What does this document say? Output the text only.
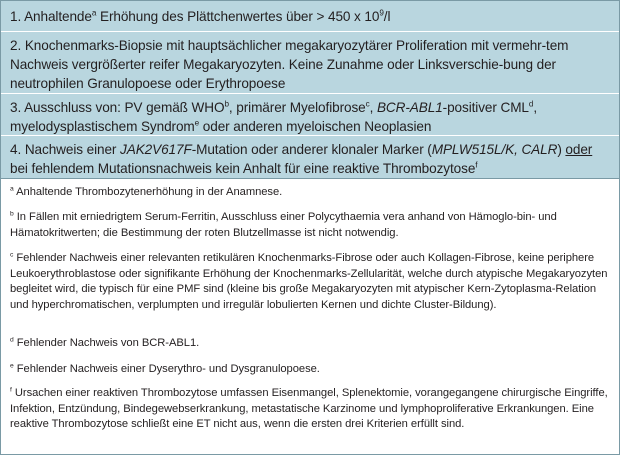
1. Anhaltende$^a$ Erhöhung des Plättchenwertes über > 450 x $10^9/l$
2. Knochenmarks-Biopsie mit hauptsächlicher megakaryozytärer Proliferation mit vermehr-tem Nachweis vergrößerter reifer Megakaryozyten. Keine Zunahme oder Linksverschie-bung der neutrophilen Granulopoese oder Erythropoese
3. Ausschluss von: PV gemäß WHO$^b$, primärer Myelofibrose$^c$, BCR-ABL1-positiver CML$^d$, myelodysplastischem Syndrom$^e$ oder anderen myeloischen Neoplasien
4. Nachweis einer JAK2V617F-Mutation oder anderer klonaler Marker (MPLW515L/K, CALR) oder bei fehlendem Mutationsnachweis kein Anhalt für eine reaktive Thrombozytose$^f$
$^a$ Anhaltende Thrombozytenerhöhung in der Anamnese.
$^b$ In Fällen mit erniedrigtem Serum-Ferritin, Ausschluss einer Polycythaemia vera anhand von Hämoglo-bin- und Hämatokritwerten; die Bestimmung der roten Blutzellmasse ist nicht notwendig.
$^c$ Fehlender Nachweis einer relevanten retikulären Knochenmarks-Fibrose oder auch Kollagen-Fibrose, keine periphere Leukoerythroblastose oder signifikante Erhöhung der Knochenmarks-Zellularität, welche durch atypische Megakaryozyten begleitet wird, die typisch für eine PMF sind (kleine bis große Megakaryozyten mit atypischer Kern-Zytoplasma-Relation und hyperchromatischen, verplumpten und irregulär lobulierten Kernen und dichte Cluster-Bildung).
$^d$ Fehlender Nachweis von BCR-ABL1.
$^e$ Fehlender Nachweis einer Dyserythro- und Dysgranulopoese.
$^f$ Ursachen einer reaktiven Thrombozytose umfassen Eisenmangel, Splenektomie, vorangegangene chirurgische Eingriffe, Infektion, Entzündung, Bindegewebserkrankung, metastatische Karzinome und lymphoproliferative Erkrankungen. Eine reaktive Thrombozytose schließt eine ET nicht aus, wenn die ersten drei Kriterien erfüllt sind.
